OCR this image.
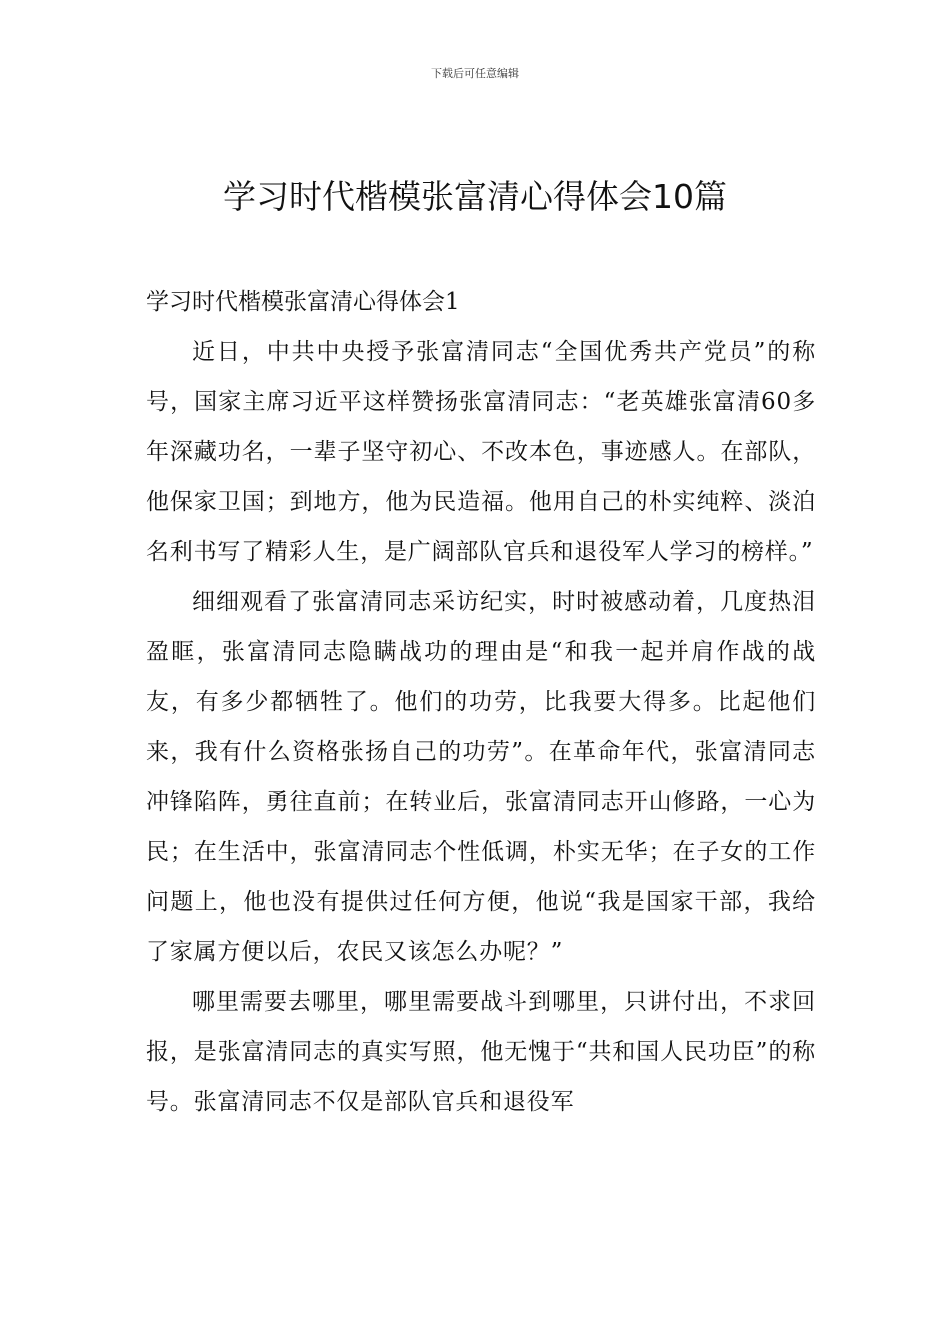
下载后可任意编辑
学习时代楷模张富清心得体会10篇

学习时代楷模张富清心得体会1

近日，中共中央授予张富清同志“全国优秀共产党员”的称号，国家主席习近平这样赞扬张富清同志：“老英雄张富清60多年深藏功名，一辈子坚守初心、不改本色，事迹感人。在部队，他保家卫国；到地方，他为民造福。他用自己的朴实纯粹、淡泊名利书写了精彩人生，是广阔部队官兵和退役军人学习的榜样。”

细细观看了张富清同志采访纪实，时时被感动着，几度热泪盈眶，张富清同志隐瞒战功的理由是“和我一起并肩作战的战友，有多少都牺牲了。他们的功劳，比我要大得多。比起他们来，我有什么资格张扬自己的功劳”。在革命年代，张富清同志冲锋陷阵，勇往直前；在转业后，张富清同志开山修路，一心为民；在生活中，张富清同志个性低调，朴实无华；在子女的工作问题上，他也没有提供过任何方便，他说“我是国家干部，我给了家属方便以后，农民又该怎么办呢？”

哪里需要去哪里，哪里需要战斗到哪里，只讲付出，不求回报，是张富清同志的真实写照，他无愧于“共和国人民功臣”的称号。张富清同志不仅是部队官兵和退役军
